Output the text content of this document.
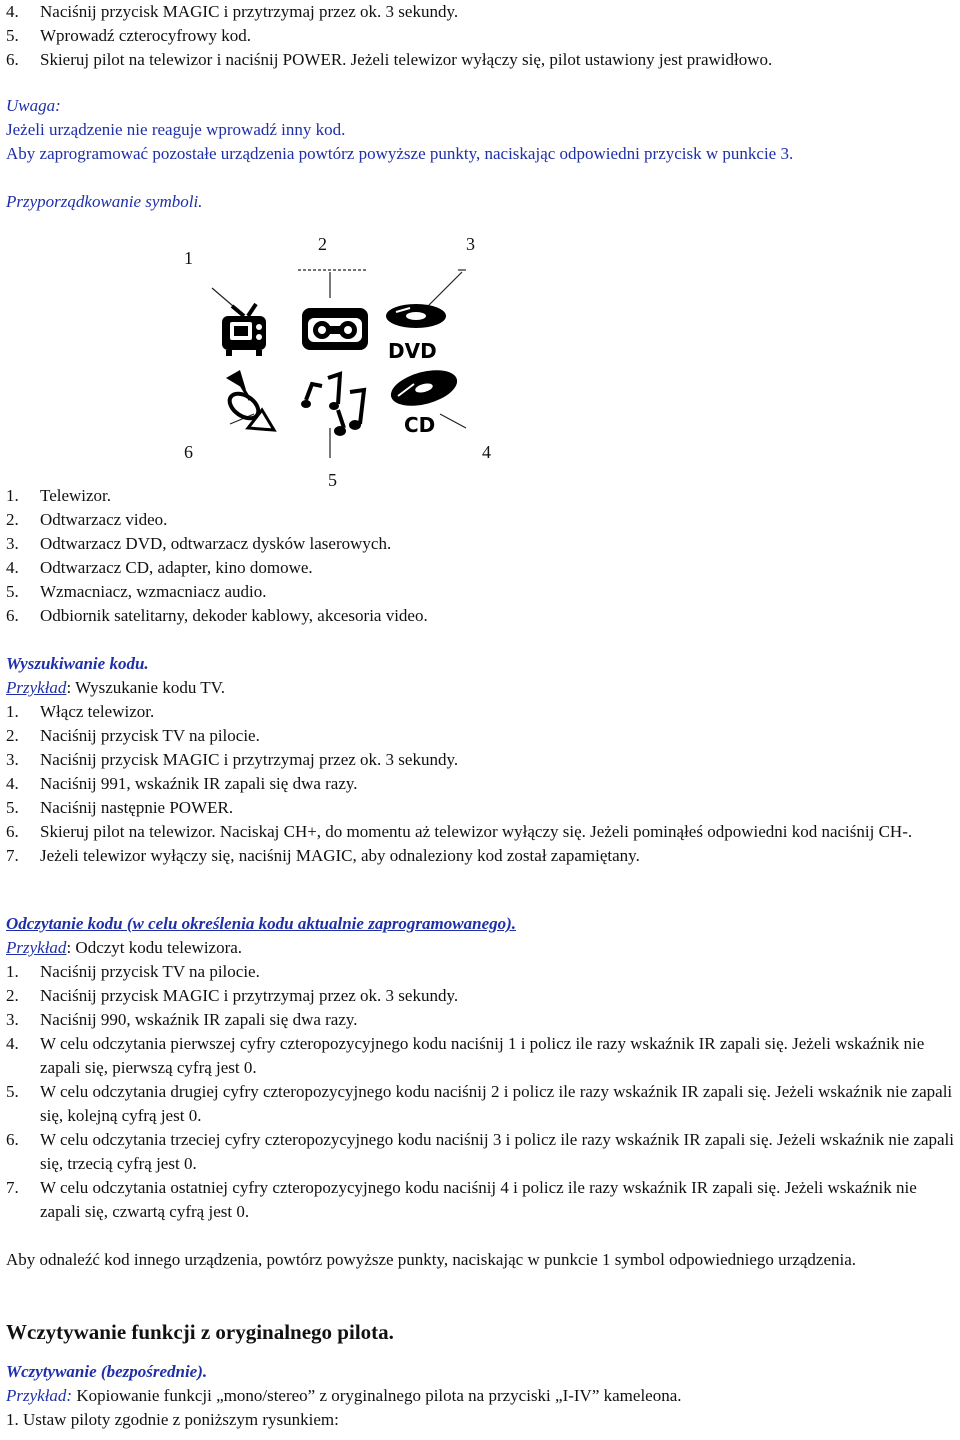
4. Naciśnij przycisk MAGIC i przytrzymaj przez ok. 3 sekundy.
5. Wprowadź czterocyfrowy kod.
6. Skieruj pilot na telewizor i naciśnij POWER. Jeżeli telewizor wyłączy się, pilot ustawiony jest prawidłowo.
Uwaga:
Jeżeli urządzenie nie reaguje wprowadź inny kod.
Aby zaprogramować pozostałe urządzenia powtórz powyższe punkty, naciskając odpowiedni przycisk w punkcie 3.
Przyporządkowanie symboli.
1
2	3
6	4
5
DVD
CD
1. Telewizor.
2. Odtwarzacz video.
3. Odtwarzacz DVD, odtwarzacz dysków laserowych.
4. Odtwarzacz CD, adapter, kino domowe.
5. Wzmacniacz, wzmacniacz audio.
6. Odbiornik satelitarny, dekoder kablowy, akcesoria video.
Wyszukiwanie kodu.
Przykład: Wyszukanie kodu TV.
1. Włącz telewizor.
2. Naciśnij przycisk TV na pilocie.
3. Naciśnij przycisk MAGIC i przytrzymaj przez ok. 3 sekundy.
4. Naciśnij 991, wskaźnik IR zapali się dwa razy.
5. Naciśnij następnie POWER.
6. Skieruj pilot na telewizor. Naciskaj CH+, do momentu aż telewizor wyłączy się. Jeżeli pominąłeś odpowiedni kod naciśnij CH-.
7. Jeżeli telewizor wyłączy się, naciśnij MAGIC, aby odnaleziony kod został zapamiętany.
Odczytanie kodu (w celu określenia kodu aktualnie zaprogramowanego).
Przykład: Odczyt kodu telewizora.
1. Naciśnij przycisk TV na pilocie.
2. Naciśnij przycisk MAGIC i przytrzymaj przez ok. 3 sekundy.
3. Naciśnij 990, wskaźnik IR zapali się dwa razy.
4. W celu odczytania pierwszej cyfry czteropozycyjnego kodu naciśnij 1 i policz ile razy wskaźnik IR zapali się. Jeżeli wskaźnik nie zapali się, pierwszą cyfrą jest 0.
5. W celu odczytania drugiej cyfry czteropozycyjnego kodu naciśnij 2 i policz ile razy wskaźnik IR zapali się. Jeżeli wskaźnik nie zapali się, kolejną cyfrą jest 0.
6. W celu odczytania trzeciej cyfry czteropozycyjnego kodu naciśnij 3 i policz ile razy wskaźnik IR zapali się. Jeżeli wskaźnik nie zapali się, trzecią cyfrą jest 0.
7. W celu odczytania ostatniej cyfry czteropozycyjnego kodu naciśnij 4 i policz ile razy wskaźnik IR zapali się. Jeżeli wskaźnik nie zapali się, czwartą cyfrą jest 0.
Aby odnaleźć kod innego urządzenia, powtórz powyższe punkty, naciskając w punkcie 1 symbol odpowiedniego urządzenia.
Wczytywanie funkcji z oryginalnego pilota.
Wczytywanie (bezpośrednie).
Przykład: Kopiowanie funkcji „mono/stereo” z oryginalnego pilota na przyciski „I-IV” kameleona.
1. Ustaw piloty zgodnie z poniższym rysunkiem:
